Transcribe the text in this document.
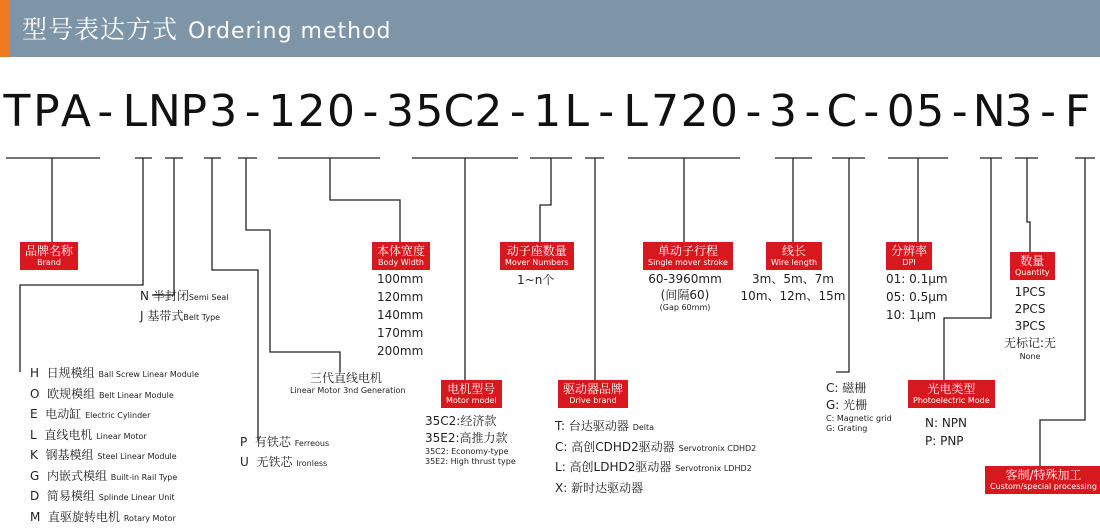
型号表达方式 Ordering method
T P A - L N P 3 - 1 2 0 - 3 5 C 2 - 1 L - L 7 2 0 - 3 - C - 0 5 - N 3 - F
品牌名称
Brand
本体宽度
Body Width
动子座数量
Mover Numbers
单动子行程
Single mover stroke
线长
Wire length
分辨率
DPI	数量
Quantity
电机型号
Motor model
驱动器品牌
Drive brand
光电类型
Photoelectric Mode
客制/特殊加工
Custom/special processing
100mm
120mm
140mm
170mm
200mm
1~n个	60-3960mm
(间隔60)
(Gap 60mm)
3m、5m、7m
10m、12m、15m
01: 0.1μm
05: 0.5μm
10: 1μm
1PCS
2PCS
3PCS
无标记:无
None
N 半封闭Semi Seal
J 基带式Belt Type
H 日规模组 Ball Screw Linear Module
O 欧规模组 Belt Linear Module
E 电动缸 Electric Cylinder
L 直线电机 Linear Motor
K 钢基模组 Steel Linear Module
G 内嵌式模组 Built-in Rail Type
D 简易模组 Splinde Linear Unit
M 直驱旋转电机 Rotary Motor
P 有铁芯 Ferreous
U 无铁芯 Ironless
三代直线电机
Linear Motor 3nd Generation
35C2:经济款
35E2:高推力款
35C2: Economy-type
35E2: High thrust type
T: 台达驱动器 Delta
C: 高创CDHD2驱动器 Servotronix CDHD2
L: 高创LDHD2驱动器 Servotronix LDHD2
X: 新时达驱动器
C: 磁栅
G: 光栅
C: Magnetic grid
G: Grating	N: NPN
P: PNP
